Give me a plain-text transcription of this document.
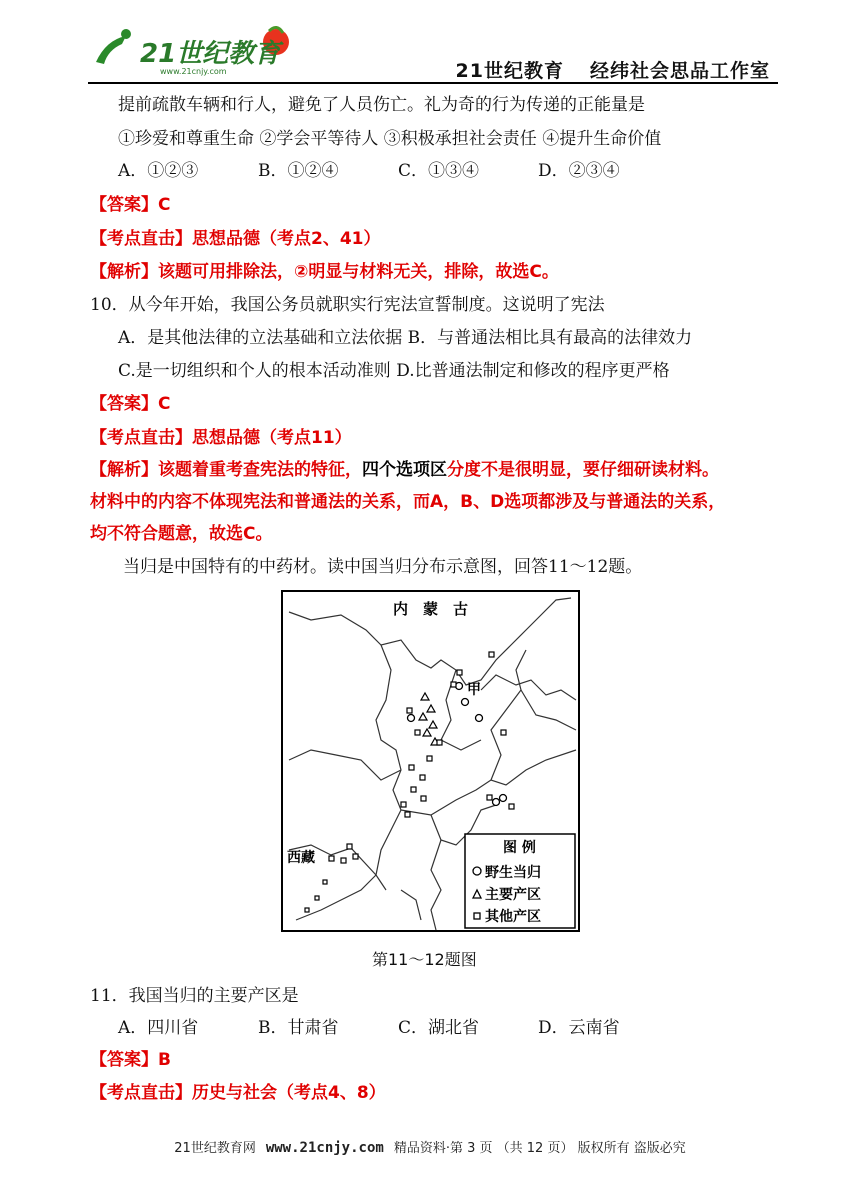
21世纪教育
www.21cnjy.com	21世纪教育 经纬社会思品工作室
提前疏散车辆和行人，避免了人员伤亡。礼为奇的行为传递的正能量是
①珍爱和尊重生命 ②学会平等待人 ③积极承担社会责任 ④提升生命价值
A．①②③	B．①②④	C．①③④	D．②③④
【答案】C
【考点直击】思想品德（考点2、41）
【解析】该题可用排除法，②明显与材料无关，排除，故选C。
10．从今年开始，我国公务员就职实行宪法宣誓制度。这说明了宪法
A．是其他法律的立法基础和立法依据 B．与普通法相比具有最高的法律效力
C.是一切组织和个人的根本活动准则 D.比普通法制定和修改的程序更严格
【答案】C
【考点直击】思想品德（考点11）
【解析】该题着重考查宪法的特征，四个选项区分度不是很明显，要仔细研读材料。
材料中的内容不体现宪法和普通法的关系，而A，B、D选项都涉及与普通法的关系，
均不符合题意，故选C。
当归是中国特有的中药材。读中国当归分布示意图，回答11～12题。
内　蒙　古
甲
西藏
图 例
野生当归
主要产区
其他产区
第11～12题图
11．我国当归的主要产区是
A．四川省	B．甘肃省	C．湖北省	D．云南省
【答案】B
【考点直击】历史与社会（考点4、8）
21世纪教育网 www.21cnjy.com 精品资料·第 3 页 （共 12 页） 版权所有 盗版必究
